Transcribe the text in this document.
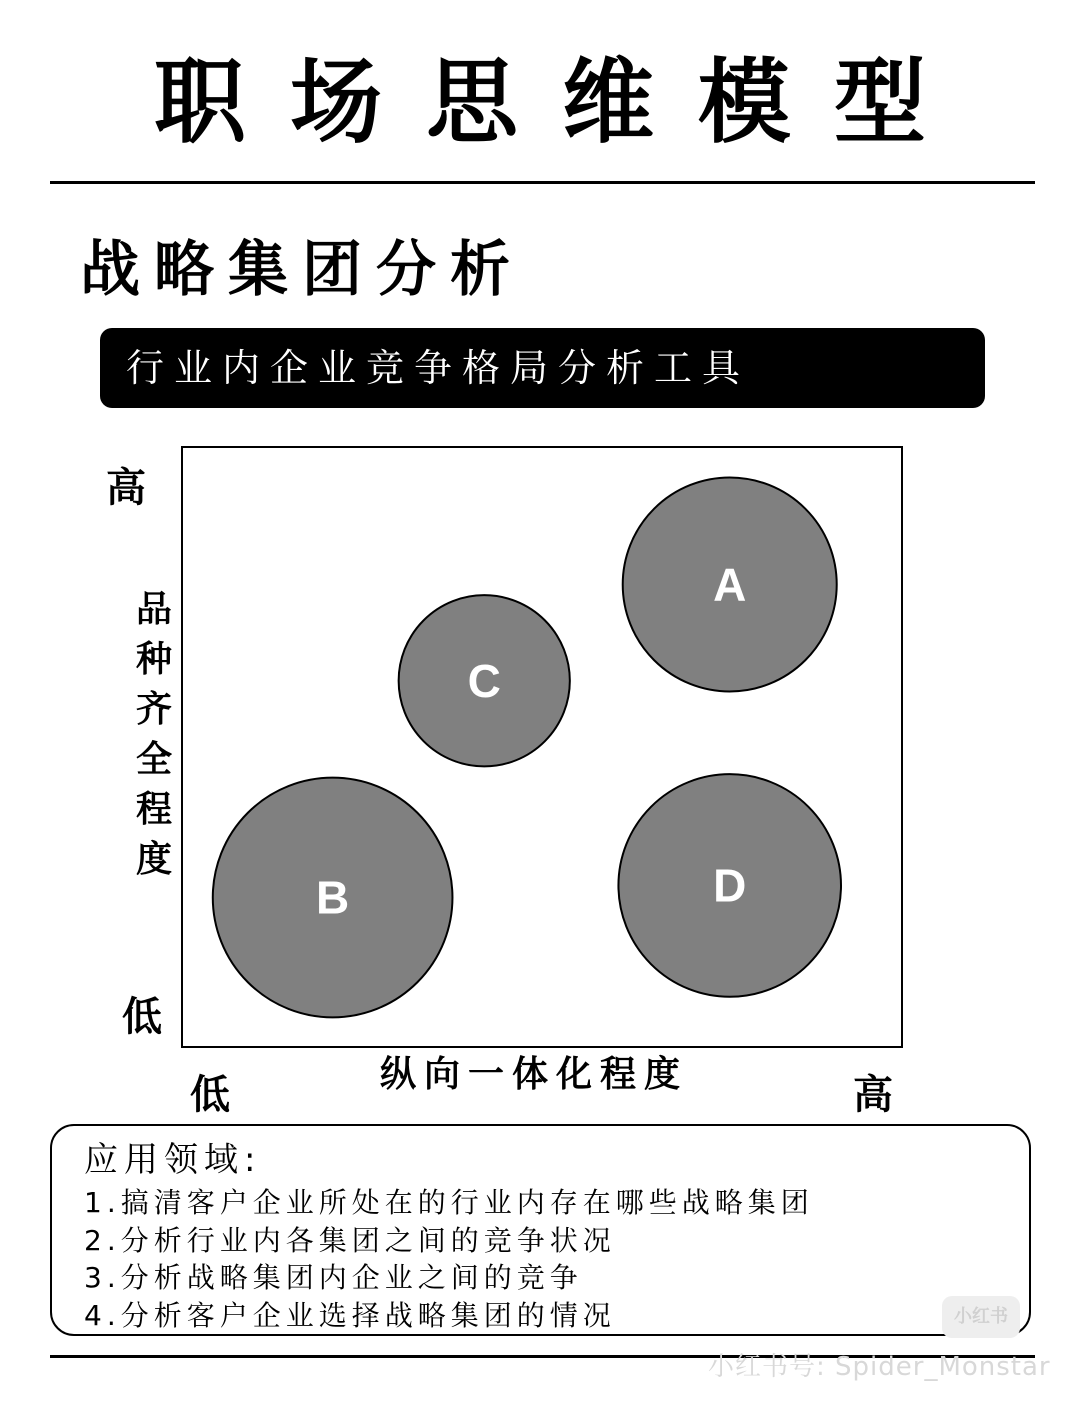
职场思维模型
战略集团分析
行业内企业竞争格局分析工具
高
品种齐全程度
低
A
C
B	D
低	纵向一体化程度	高
应用领域:
1.搞清客户企业所处在的行业内存在哪些战略集团
2.分析行业内各集团之间的竞争状况
3.分析战略集团内企业之间的竞争
4.分析客户企业选择战略集团的情况	小红书
小红书号: Spider_Monstar
